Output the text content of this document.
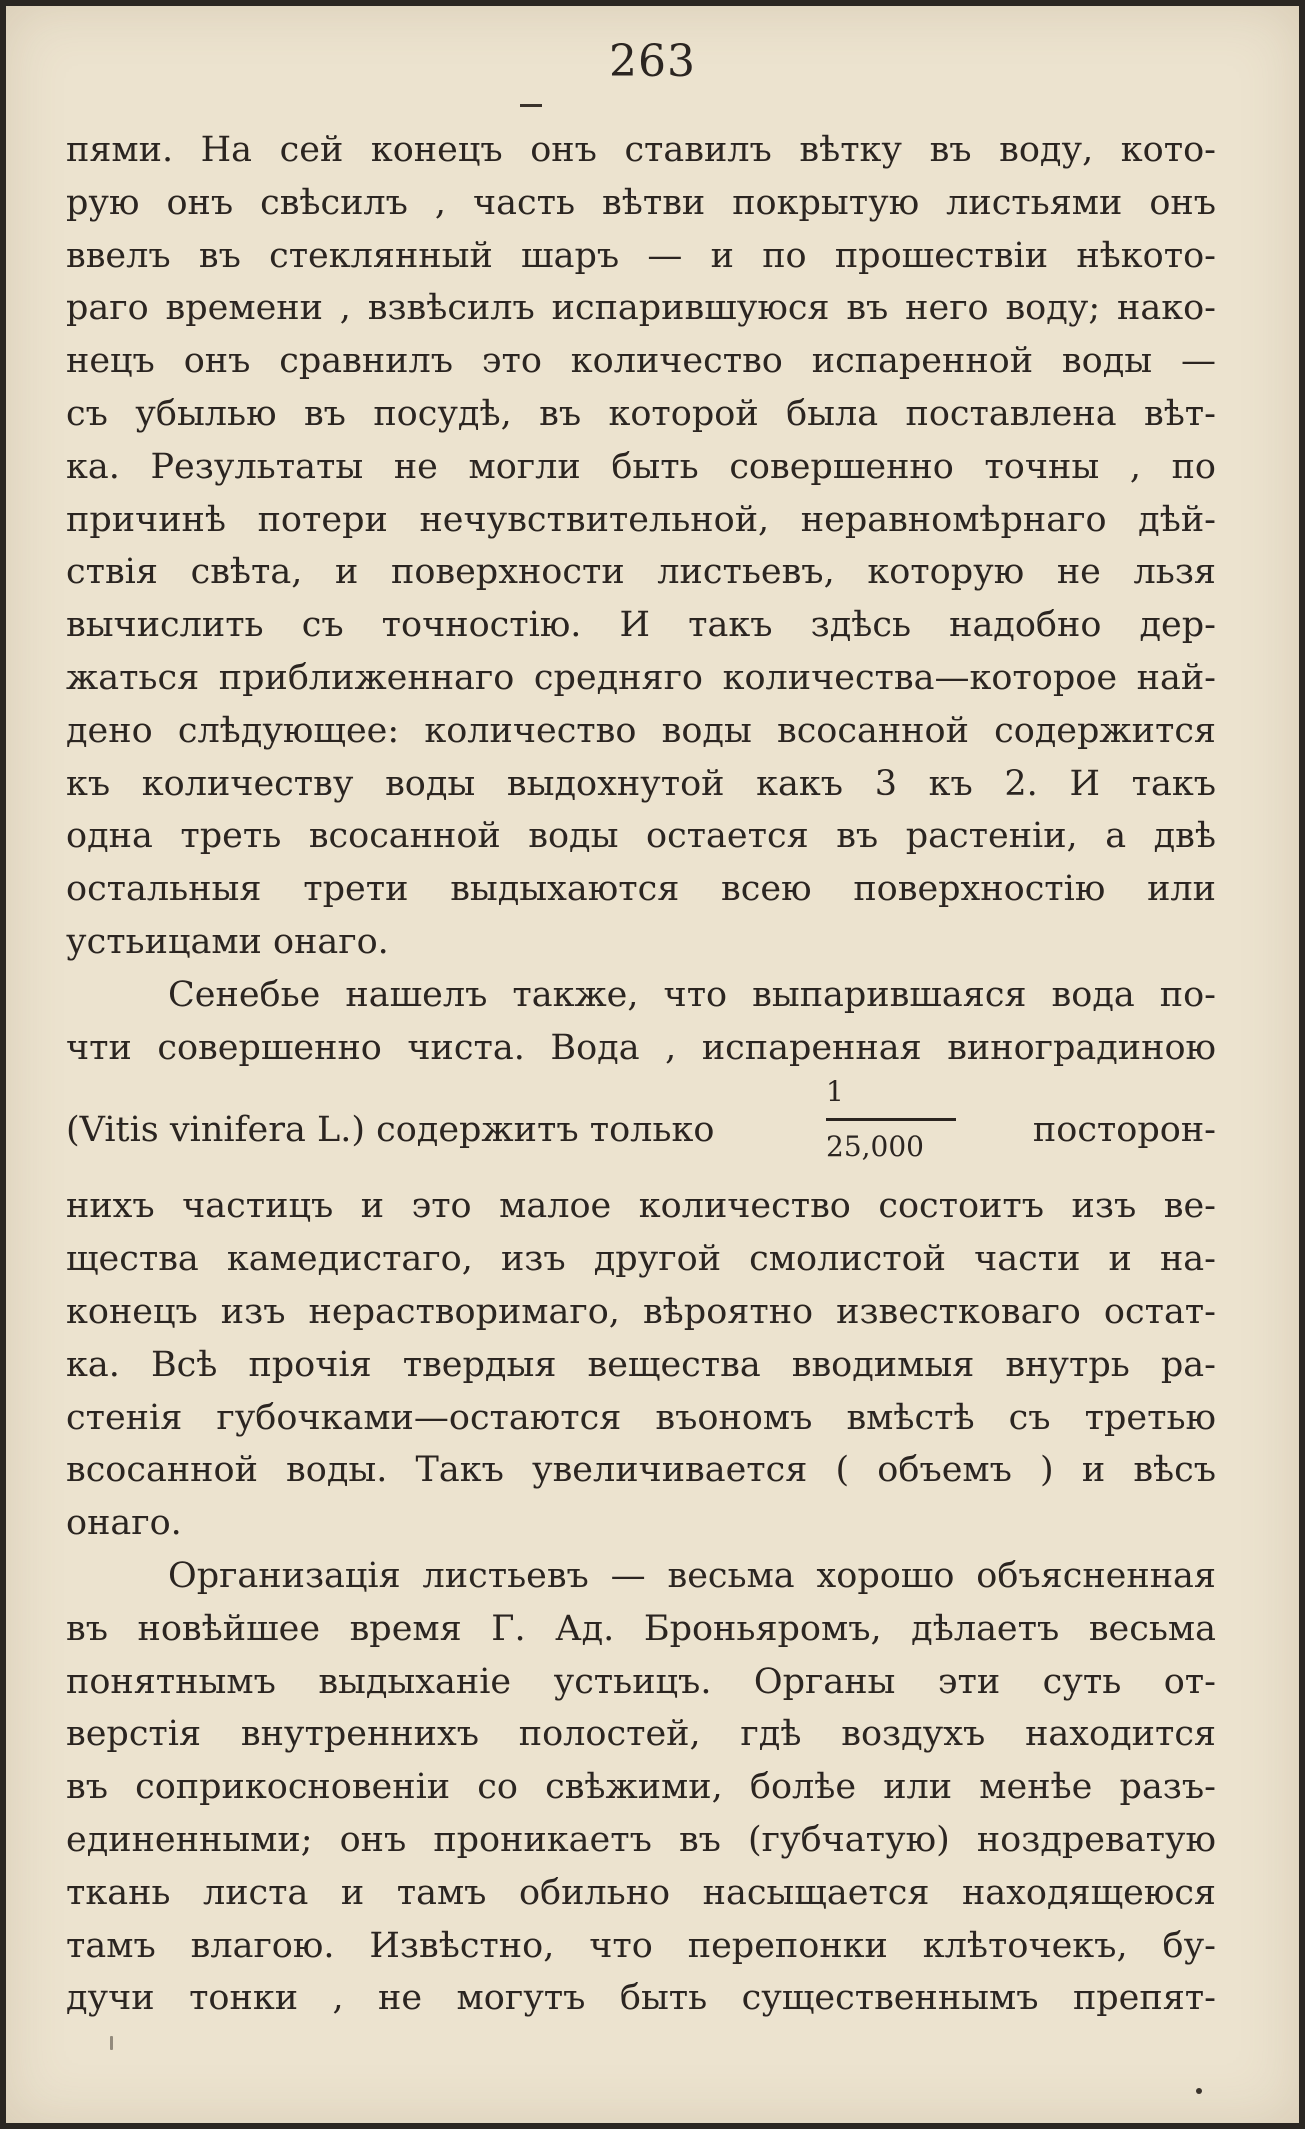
263
пями. На сей конецъ онъ ставилъ вѣтку въ воду, кото-
рую онъ свѣсилъ , часть вѣтви покрытую листьями онъ
ввелъ въ стеклянный шаръ — и по прошествіи нѣкото-
раго времени , взвѣсилъ испарившуюся въ него воду; нако-
нецъ онъ сравнилъ это количество испаренной воды —
съ убылью въ посудѣ, въ которой была поставлена вѣт-
ка. Результаты не могли быть совершенно точны , по
причинѣ потери нечувствительной, неравномѣрнаго дѣй-
ствія свѣта, и поверхности листьевъ, которую не льзя
вычислить съ точностію. И такъ здѣсь надобно дер-
жаться приближеннаго средняго количества—которое най-
дено слѣдующее: количество воды всосанной содержится
къ количеству воды выдохнутой какъ 3 къ 2. И такъ
одна треть всосанной воды остается въ растеніи, а двѣ
остальныя трети выдыхаются всею поверхностію или
устьицами онаго.
Сенебье нашелъ также, что выпарившаяся вода по-
чти совершенно чиста. Вода , испаренная виноградиною
(Vitis vinifera L.) содержитъ только
1
25,000	посторон-
нихъ частицъ и это малое количество состоитъ изъ ве-
щества камедистаго, изъ другой смолистой части и на-
конецъ изъ нерастворимаго, вѣроятно известковаго остат-
ка. Всѣ прочія твердыя вещества вводимыя внутрь ра-
стенія губочками—остаются въономъ вмѣстѣ съ третью
всосанной воды. Такъ увеличивается ( объемъ ) и вѣсъ
онаго.
Организація листьевъ — весьма хорошо объясненная
въ новѣйшее время Г. Ад. Броньяромъ, дѣлаетъ весьма
понятнымъ выдыханіе устьицъ. Органы эти суть от-
верстія внутреннихъ полостей, гдѣ воздухъ находится
въ соприкосновеніи со свѣжими, болѣе или менѣе разъ-
единенными; онъ проникаетъ въ (губчатую) ноздреватую
ткань листа и тамъ обильно насыщается находящеюся
тамъ влагою. Извѣстно, что перепонки клѣточекъ, бу-
дучи тонки , не могутъ быть существеннымъ препят-
